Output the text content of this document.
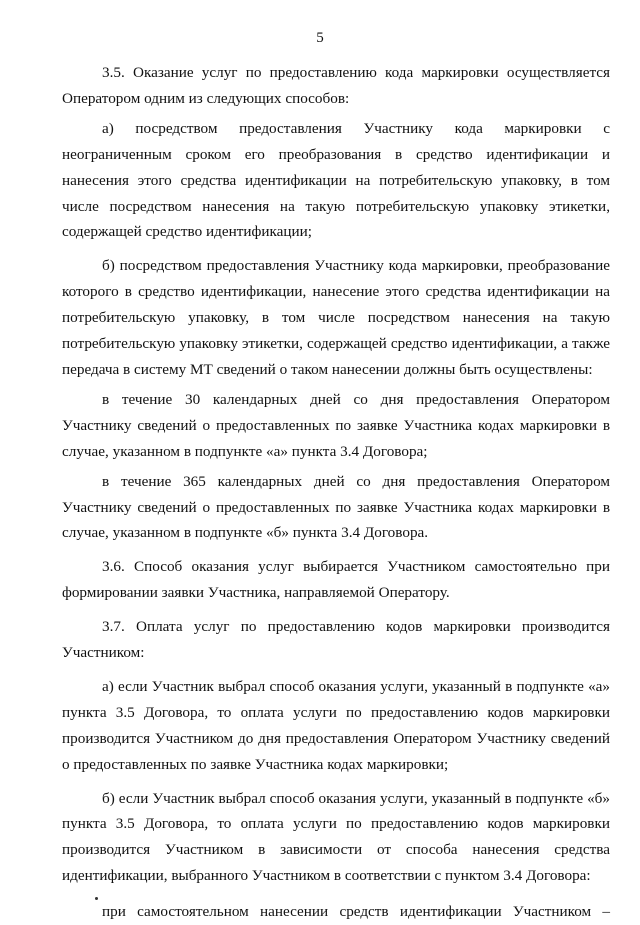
5

3.5. Оказание услуг по предоставлению кода маркировки осуществляется Оператором одним из следующих способов:

а) посредством предоставления Участнику кода маркировки с неограниченным сроком его преобразования в средство идентификации и нанесения этого средства идентификации на потребительскую упаковку, в том числе посредством нанесения на такую потребительскую упаковку этикетки, содержащей средство идентификации;

б) посредством предоставления Участнику кода маркировки, преобразование которого в средство идентификации, нанесение этого средства идентификации на потребительскую упаковку, в том числе посредством нанесения на такую потребительскую упаковку этикетки, содержащей средство идентификации, а также передача в систему МТ сведений о таком нанесении должны быть осуществлены:

в течение 30 календарных дней со дня предоставления Оператором Участнику сведений о предоставленных по заявке Участника кодах маркировки в случае, указанном в подпункте «а» пункта 3.4 Договора;

в течение 365 календарных дней со дня предоставления Оператором Участнику сведений о предоставленных по заявке Участника кодах маркировки в случае, указанном в подпункте «б» пункта 3.4 Договора.

3.6. Способ оказания услуг выбирается Участником самостоятельно при формировании заявки Участника, направляемой Оператору.

3.7. Оплата услуг по предоставлению кодов маркировки производится Участником:

а) если Участник выбрал способ оказания услуги, указанный в подпункте «а» пункта 3.5 Договора, то оплата услуги по предоставлению кодов маркировки производится Участником до дня предоставления Оператором Участнику сведений о предоставленных по заявке Участника кодах маркировки;

б) если Участник выбрал способ оказания услуги, указанный в подпункте «б» пункта 3.5 Договора, то оплата услуги по предоставлению кодов маркировки производится Участником в зависимости от способа нанесения средства идентификации, выбранного Участником в соответствии с пунктом 3.4 Договора:

при самостоятельном нанесении средств идентификации Участником –
